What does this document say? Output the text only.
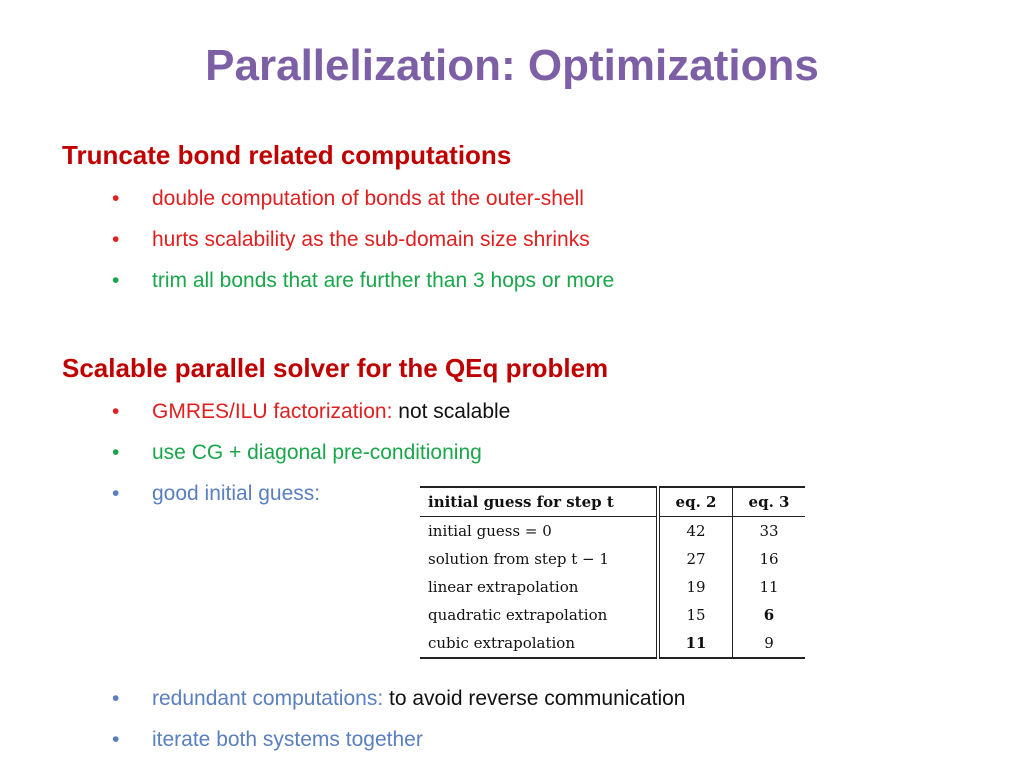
Parallelization: Optimizations
Truncate bond related computations
• double computation of bonds at the outer-shell
• hurts scalability as the sub-domain size shrinks
• trim all bonds that are further than 3 hops or more
Scalable parallel solver for the QEq problem
• GMRES/ILU factorization: not scalable
• use CG + diagonal pre-conditioning
• good initial guess:	initial guess for step t	eq. 2	eq. 3
initial guess = 0	42	33
solution from step t − 1	27	16
linear extrapolation	19	11
quadratic extrapolation	15	6
cubic extrapolation	11	9
• redundant computations: to avoid reverse communication
• iterate both systems together
